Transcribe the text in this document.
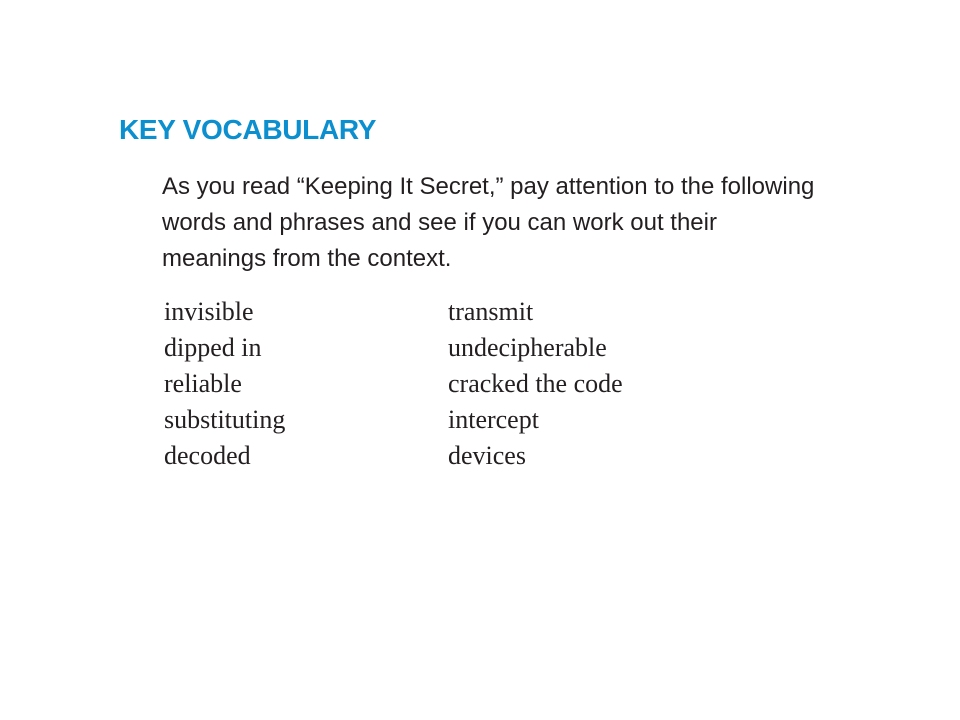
KEY VOCABULARY

As you read “Keeping It Secret,” pay attention to the following words and phrases and see if you can work out their meanings from the context.

invisible
dipped in
reliable
substituting
decoded
transmit
undecipherable
cracked the code
intercept
devices
